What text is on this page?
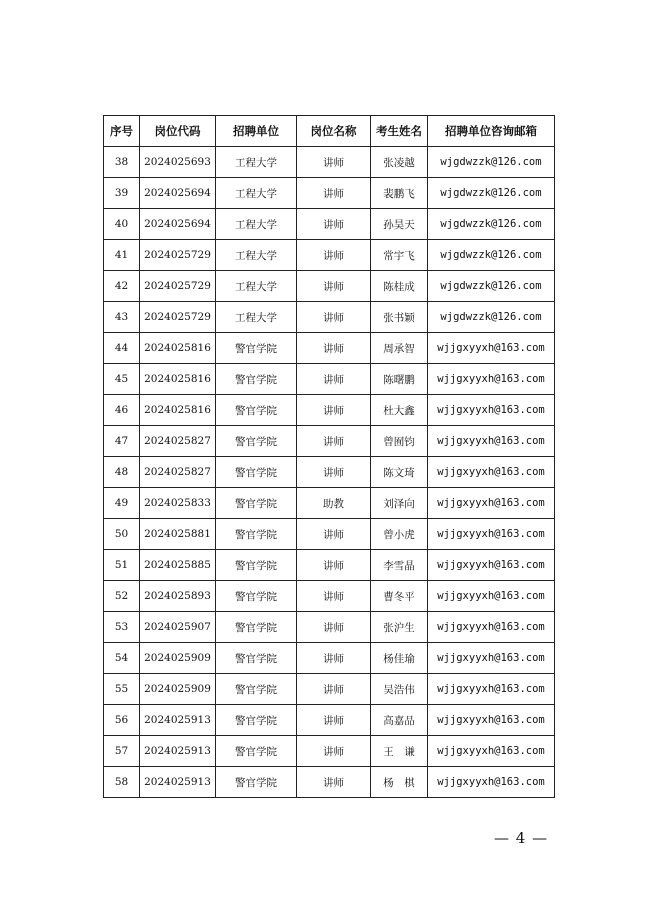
序号	岗位代码	招聘单位	岗位名称	考生姓名	招聘单位咨询邮箱
38	2024025693	工程大学	讲师	张凌越	wjgdwzzk@126.com
39	2024025694	工程大学	讲师	裴鹏飞	wjgdwzzk@126.com
40	2024025694	工程大学	讲师	孙昊天	wjgdwzzk@126.com
41	2024025729	工程大学	讲师	常宇飞	wjgdwzzk@126.com
42	2024025729	工程大学	讲师	陈桂成	wjgdwzzk@126.com
43	2024025729	工程大学	讲师	张书颖	wjgdwzzk@126.com
44	2024025816	警官学院	讲师	周承智	wjjgxyyxh@163.com
45	2024025816	警官学院	讲师	陈曙鹏	wjjgxyyxh@163.com
46	2024025816	警官学院	讲师	杜大鑫	wjjgxyyxh@163.com
47	2024025827	警官学院	讲师	曾囿钧	wjjgxyyxh@163.com
48	2024025827	警官学院	讲师	陈文琦	wjjgxyyxh@163.com
49	2024025833	警官学院	助教	刘泽向	wjjgxyyxh@163.com
50	2024025881	警官学院	讲师	曾小虎	wjjgxyyxh@163.com
51	2024025885	警官学院	讲师	李雪晶	wjjgxyyxh@163.com
52	2024025893	警官学院	讲师	曹冬平	wjjgxyyxh@163.com
53	2024025907	警官学院	讲师	张沪生	wjjgxyyxh@163.com
54	2024025909	警官学院	讲师	杨佳瑜	wjjgxyyxh@163.com
55	2024025909	警官学院	讲师	吴浩伟	wjjgxyyxh@163.com
56	2024025913	警官学院	讲师	高嘉品	wjjgxyyxh@163.com
57	2024025913	警官学院	讲师	王　谦	wjjgxyyxh@163.com
58	2024025913	警官学院	讲师	杨　棋	wjjgxyyxh@163.com
— 4 —
